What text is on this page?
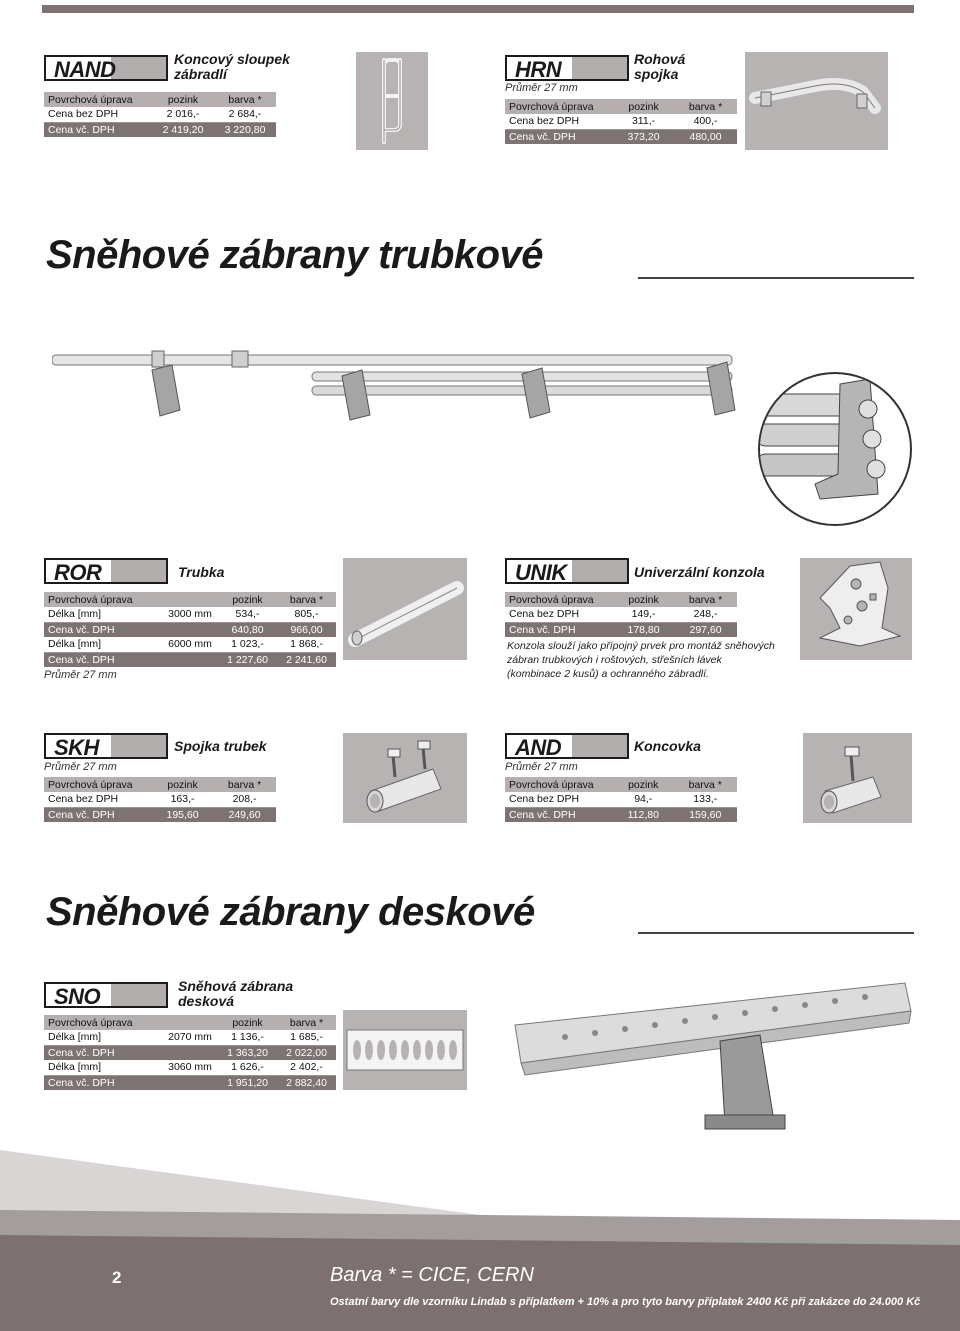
NAND	Koncový sloupek
zábradlí
Povrchová úprava	pozink	barva *
Cena bez DPH	2 016,-	2 684,-
Cena vč. DPH	2 419,20	3 220,80
HRN	Rohová
spojka
Průměr 27 mm
Povrchová úprava	pozink	barva *
Cena bez DPH	311,-	400,-
Cena vč. DPH	373,20	480,00
Sněhové zábrany trubkové
ROR	Trubka
Povrchová úprava		pozink	barva *
Délka [mm]	3000 mm	534,-	805,-
Cena vč. DPH		640,80	966,00
Délka [mm]	6000 mm	1 023,-	1 868,-
Cena vč. DPH		1 227,60	2 241,60
Průměr 27 mm
UNIK	Univerzální konzola
Povrchová úprava	pozink	barva *
Cena bez DPH	149,-	248,-
Cena vč. DPH	178,80	297,60
Konzola slouží jako přípojný prvek pro montáž sněhových
zábran trubkových i roštových, střešních lávek
(kombinace 2 kusů) a ochranného zábradlí.
SKH	Spojka trubek
Průměr 27 mm
Povrchová úprava	pozink	barva *
Cena bez DPH	163,-	208,-
Cena vč. DPH	195,60	249,60
AND	Koncovka
Průměr 27 mm
Povrchová úprava	pozink	barva *
Cena bez DPH	94,-	133,-
Cena vč. DPH	112,80	159,60
Sněhové zábrany deskové
SNO	Sněhová zábrana
desková
Povrchová úprava		pozink	barva *
Délka [mm]	2070 mm	1 136,-	1 685,-
Cena vč. DPH		1 363,20	2 022,00
Délka [mm]	3060 mm	1 626,-	2 402,-
Cena vč. DPH		1 951,20	2 882,40
2	Barva * = CICE, CERN
Ostatní barvy dle vzorníku Lindab s příplatkem + 10% a pro tyto barvy příplatek 2400 Kč při zakázce do 24.000 Kč
